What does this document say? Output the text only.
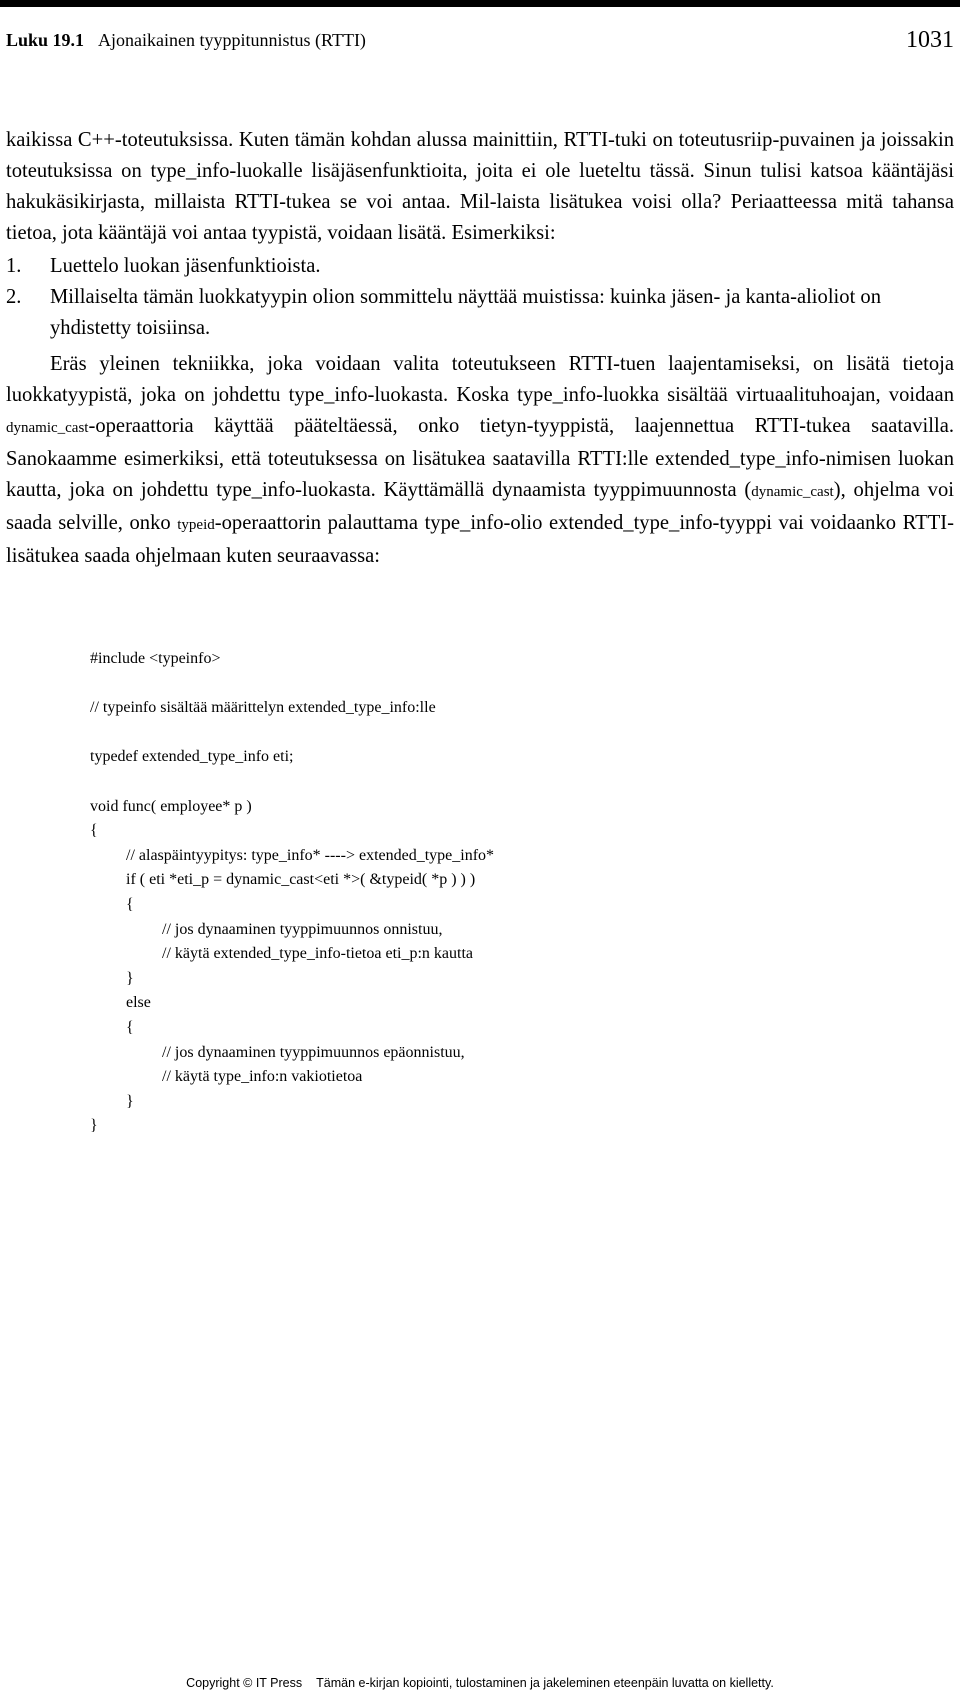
Luku 19.1 Ajonaikainen tyyppitunnistus (RTTI)	1031

kaikissa C++-toteutuksissa. Kuten tämän kohdan alussa mainittiin, RTTI-tuki on toteutusriip-puvainen ja joissakin toteutuksissa on type_info-luokalle lisäjäsenfunktioita, joita ei ole lueteltu tässä. Sinun tulisi katsoa kääntäjäsi hakukäsikirjasta, millaista RTTI-tukea se voi antaa. Mil-laista lisätukea voisi olla? Periaatteessa mitä tahansa tietoa, jota kääntäjä voi antaa tyypistä, voidaan lisätä. Esimerkiksi:

1.	Luettelo luokan jäsenfunktioista.
2.	Millaiselta tämän luokkatyypin olion sommittelu näyttää muistissa: kuinka jäsen- ja kanta-alioliot on yhdistetty toisiinsa.

Eräs yleinen tekniikka, joka voidaan valita toteutukseen RTTI-tuen laajentamiseksi, on lisätä tietoja luokkatyypistä, joka on johdettu type_info-luokasta. Koska type_info-luokka sisältää virtuaalituhoajan, voidaan dynamic_cast-operaattoria käyttää pääteltäessä, onko tietyn-tyyppistä, laajennettua RTTI-tukea saatavilla. Sanokaamme esimerkiksi, että toteutuksessa on lisätukea saatavilla RTTI:lle extended_type_info-nimisen luokan kautta, joka on johdettu type_info-luokasta. Käyttämällä dynaamista tyyppimuunnosta (dynamic_cast), ohjelma voi saada selville, onko typeid-operaattorin palauttama type_info-olio extended_type_info-tyyppi vai voidaanko RTTI-lisätukea saada ohjelmaan kuten seuraavassa:

#include <typeinfo>
// typeinfo sisältää määrittelyn extended_type_info:lle
typedef extended_type_info eti;
void func( employee* p )
{
// alaspäintyypitys: type_info* ----> extended_type_info*
if ( eti *eti_p = dynamic_cast<eti *>( &typeid( *p ) ) )
{
// jos dynaaminen tyyppimuunnos onnistuu,
// käytä extended_type_info-tietoa eti_p:n kautta
}
else
{
// jos dynaaminen tyyppimuunnos epäonnistuu,
// käytä type_info:n vakiotietoa
}
}
Copyright © IT Press Tämän e-kirjan kopiointi, tulostaminen ja jakeleminen eteenpäin luvatta on kielletty.
